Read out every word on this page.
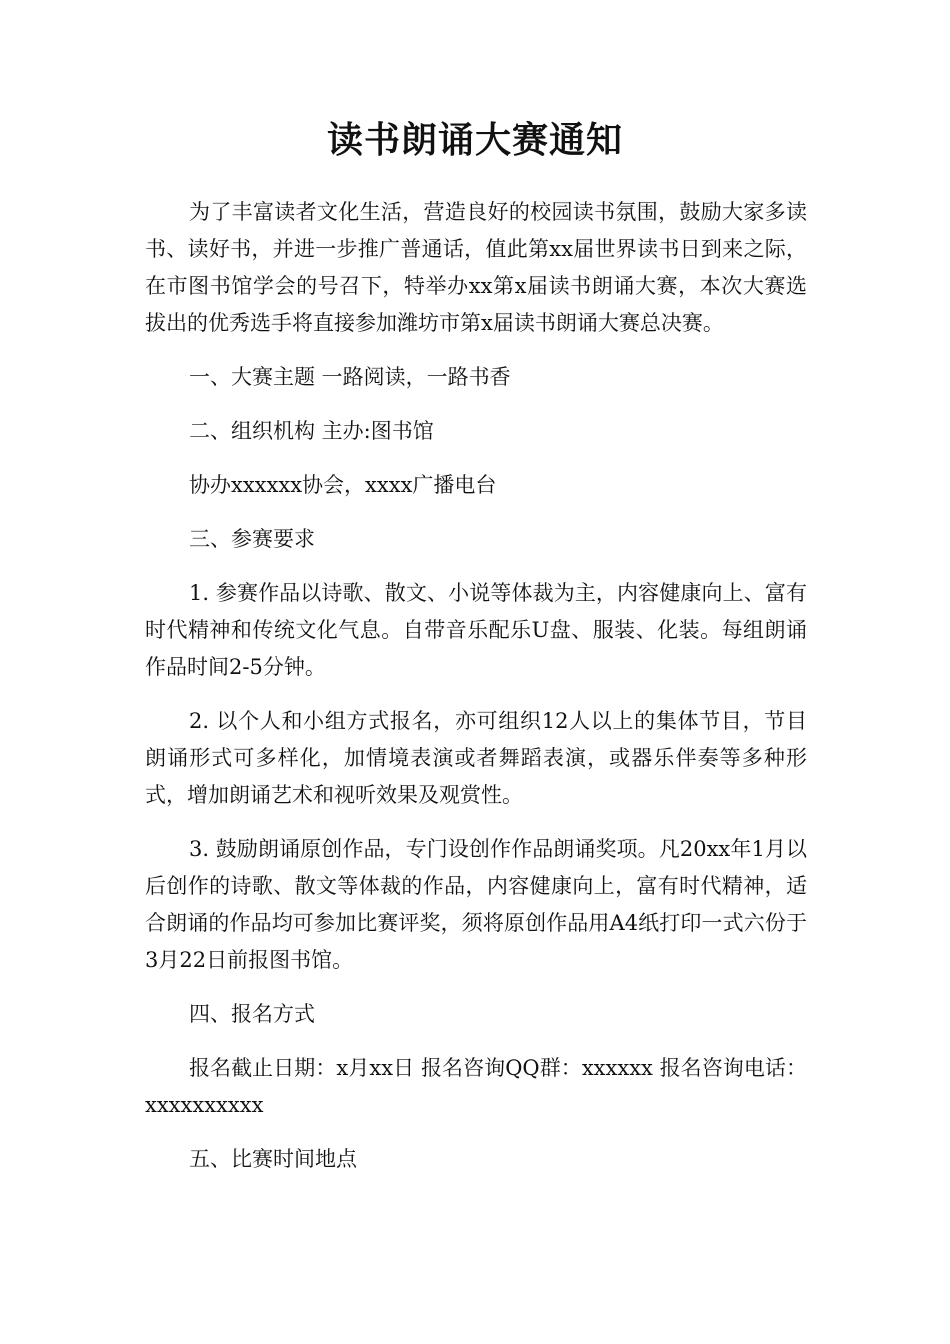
读书朗诵大赛通知

为了丰富读者文化生活，营造良好的校园读书氛围，鼓励大家多读书、读好书，并进一步推广普通话，值此第xx届世界读书日到来之际，在市图书馆学会的号召下，特举办xx第x届读书朗诵大赛，本次大赛选拔出的优秀选手将直接参加潍坊市第x届读书朗诵大赛总决赛。

一、大赛主题 一路阅读，一路书香

二、组织机构 主办:图书馆

协办xxxxxx协会，xxxx广播电台

三、参赛要求

1. 参赛作品以诗歌、散文、小说等体裁为主，内容健康向上、富有时代精神和传统文化气息。自带音乐配乐U盘、服装、化装。每组朗诵作品时间2-5分钟。

2. 以个人和小组方式报名，亦可组织12人以上的集体节目，节目朗诵形式可多样化，加情境表演或者舞蹈表演，或器乐伴奏等多种形式，增加朗诵艺术和视听效果及观赏性。

3. 鼓励朗诵原创作品，专门设创作作品朗诵奖项。凡20xx年1月以后创作的诗歌、散文等体裁的作品，内容健康向上，富有时代精神，适合朗诵的作品均可参加比赛评奖，须将原创作品用A4纸打印一式六份于3月22日前报图书馆。

四、报名方式

报名截止日期：x月xx日 报名咨询QQ群：xxxxxx 报名咨询电话：xxxxxxxxxx

五、比赛时间地点
